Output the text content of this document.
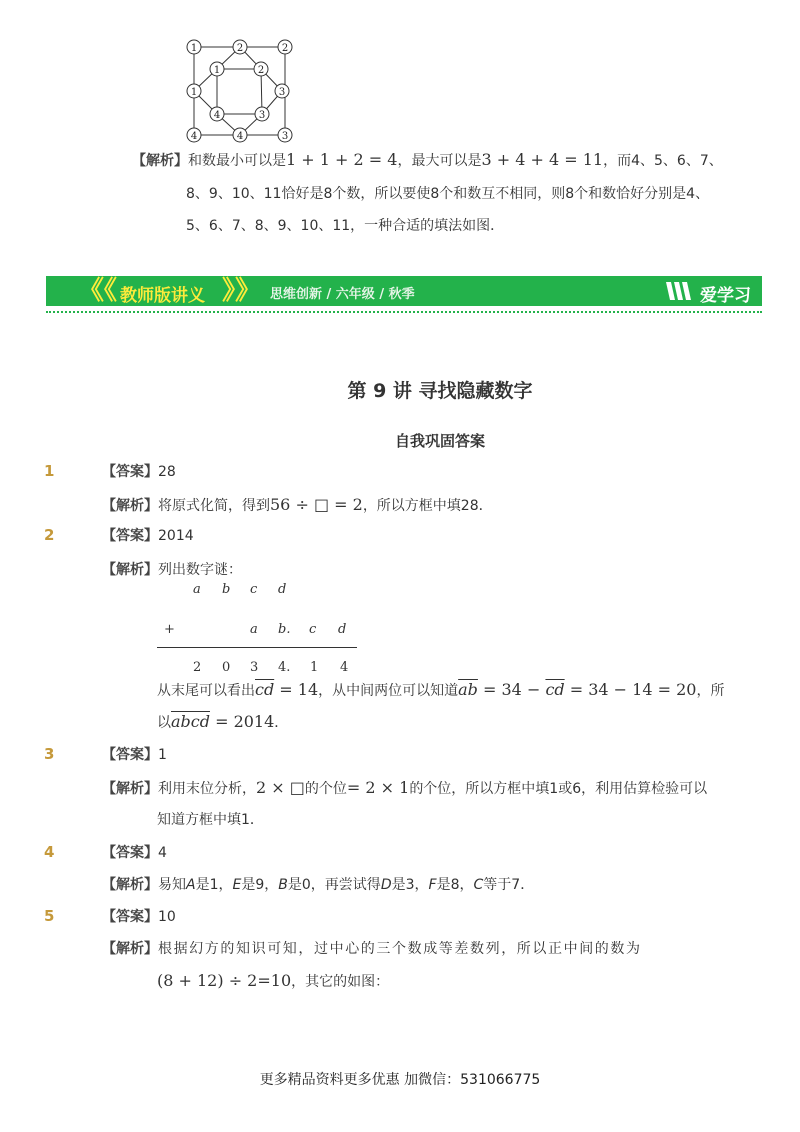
1	2	2
3
3
4
4
1
1	2
3
4
【解析】和数最小可以是1 + 1 + 2 = 4，最大可以是3 + 4 + 4 = 11，而4、5、6、7、
8、9、10、11恰好是8个数，所以要使8个和数互不相同，则8个和数恰好分别是4、
5、6、7、8、9、10、11，一种合适的填法如图．
《《 教师版讲义 》》 思维创新 / 六年级 / 秋季	爱学习
第 9 讲 寻找隐藏数字
自我巩固答案
1	【答案】28
【解析】将原式化简，得到56 ÷ □ = 2，所以方框中填28．
2	【答案】2014
【解析】列出数字谜：
a b c d
+	a b. c d
2 0 3 4. 1 4
从末尾可以看出$\overline{cd} = 14$，从中间两位可以知道$\overline{ab} = 34 - \overline{cd} = 34 - 14 = 20$，所
以abcd = 2014．
3	【答案】1
【解析】利用末位分析，2 × □的个位= 2 × 1的个位，所以方框中填1或6，利用估算检验可以
知道方框中填1．
4	【答案】4
【解析】易知A是1，E是9，B是0，再尝试得D是3，F是8，C等于7．
5	【答案】10
【解析】根据幻方的知识可知，过中心的三个数成等差数列，所以正中间的数为
(8 + 12) ÷ 2=10，其它的如图：
更多精品资料更多优惠 加微信：531066775
